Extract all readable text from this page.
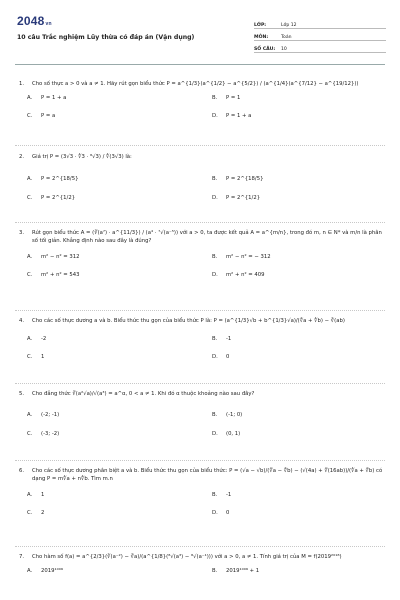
2048vn
10 câu Trắc nghiệm Lũy thừa có đáp án (Vận dụng)
LỚP:	Lớp 12
MÔN:	Toán
SỐ CÂU:	10
1.	Cho số thực a > 0 và a ≠ 1. Hãy rút gọn biểu thức P = a^{1/3}(a^{1/2} − a^{5/2}) / (a^{1/4}(a^{7/12} − a^{19/12}))
A. P = 1 + a	B. P = 1
C. P = a	D. P = 1 + a
2.	Giá trị P = (3√3 · ∜3 · ⁸√3) / ∜(3√3) là:
A. P = 2^{18/5}	B. P = 2^{18/5}
C. P = 2^{1/2}	D. P = 2^{1/2}
3.	Rút gọn biểu thức A = (∛(a⁷) · a^{11/3}) / (a⁴ · ⁷√(a⁻⁵)) với a > 0, ta được kết quả A = a^{m/n}, trong đó m, n ∈ N* và m/n là phân số tối giản. Khẳng định nào sau đây là đúng?
A. m² − n² = 312	B. m² − n² = − 312
C. m² + n² = 543	D. m² + n² = 409
4.	Cho các số thực dương a và b. Biểu thức thu gọn của biểu thức P là: P = (a^{1/3}√b + b^{1/3}√a)/(∜a + ∜b) − ∛(ab)
A. -2	B. -1
C. 1	D. 0
5.	Cho đẳng thức ∛(a²√a)/√(a³) = a^α, 0 < a ≠ 1. Khi đó α thuộc khoảng nào sau đây?
A. (-2; -1)	B. (-1; 0)
C. (-3; -2)	D. (0, 1)
6.	Cho các số thực dương phân biệt a và b. Biểu thức thu gọn của biểu thức: P = (√a − √b)/(∜a − ∜b) − (√(4a) + ∜(16ab))/(∜a + ∜b) có dạng P = m∜a + n∜b. Tìm m.n
A. 1	B. -1
C. 2	D. 0
7.	Cho hàm số f(a) = a^{2/3}(∛(a⁻²) − ∛a)/(a^{1/8}(⁸√(a³) − ⁸√(a⁻¹))) với a > 0, a ≠ 1. Tính giá trị của M = f(2019²⁰¹⁸)
A. 2019¹⁰⁰⁹	B. 2019¹⁰⁰⁹ + 1
